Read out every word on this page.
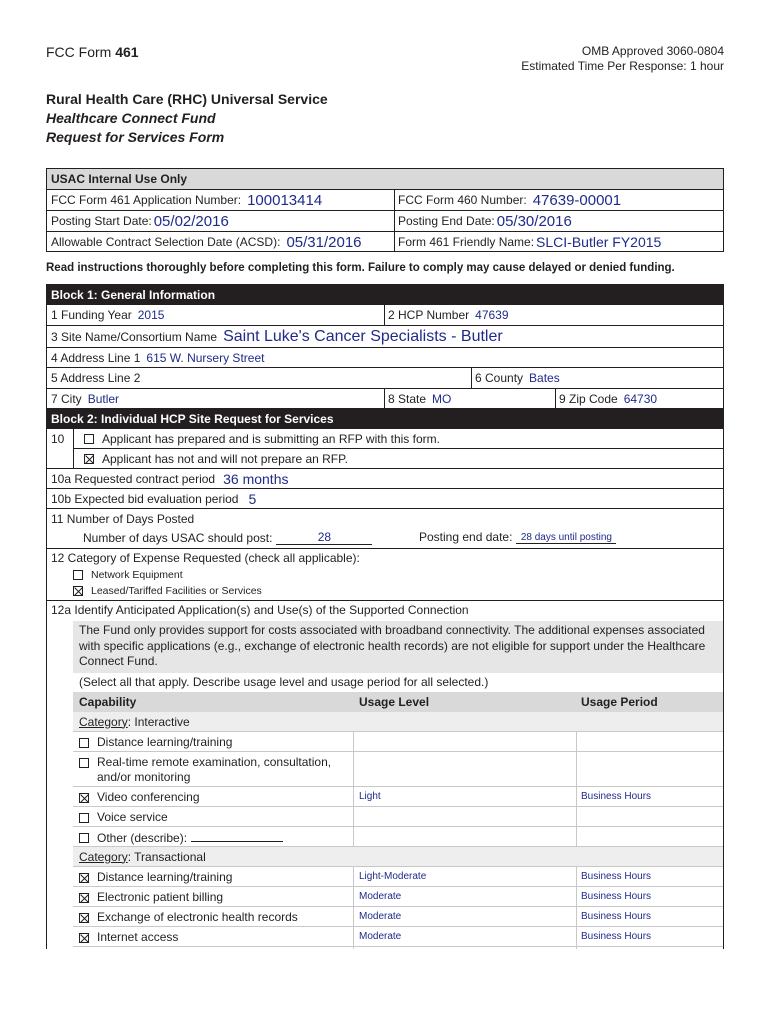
FCC Form 461	OMB Approved 3060-0804
Estimated Time Per Response: 1 hour
Rural Health Care (RHC) Universal Service
Healthcare Connect Fund
Request for Services Form
USAC Internal Use Only
FCC Form 461 Application Number: 100013414	FCC Form 460 Number: 47639-00001
Posting Start Date: 05/02/2016	Posting End Date: 05/30/2016
Allowable Contract Selection Date (ACSD): 05/31/2016	Form 461 Friendly Name: SLCI-Butler FY2015
Read instructions thoroughly before completing this form. Failure to comply may cause delayed or denied funding.
Block 1: General Information
1 Funding Year 2015	2 HCP Number 47639
3 Site Name/Consortium Name Saint Luke's Cancer Specialists - Butler
4 Address Line 1 615 W. Nursery Street
5 Address Line 2	6 County Bates
7 City Butler	8 State MO	9 Zip Code 64730
Block 2: Individual HCP Site Request for Services
10	Applicant has prepared and is submitting an RFP with this form.
Applicant has not and will not prepare an RFP.
10a Requested contract period 36 months
10b Expected bid evaluation period 5
11 Number of Days Posted
Number of days USAC should post:	28	Posting end date: 28 days until posting
12 Category of Expense Requested (check all applicable):
Network Equipment
Leased/Tariffed Facilities or Services
12a Identify Anticipated Application(s) and Use(s) of the Supported Connection
The Fund only provides support for costs associated with broadband connectivity. The additional expenses associated with specific applications (e.g., exchange of electronic health records) are not eligible for support under the Healthcare Connect Fund.
(Select all that apply. Describe usage level and usage period for all selected.)
Capability	Usage Level	Usage Period
Category : Interactive
Distance learning/training
Real-time remote examination, consultation,
and/or monitoring
Video conferencing	Light	Business Hours
Voice service
Other (describe):
Category : Transactional
Distance learning/training	Light-Moderate	Business Hours
Electronic patient billing	Moderate	Business Hours
Exchange of electronic health records	Moderate	Business Hours
Internet access	Moderate	Business Hours
